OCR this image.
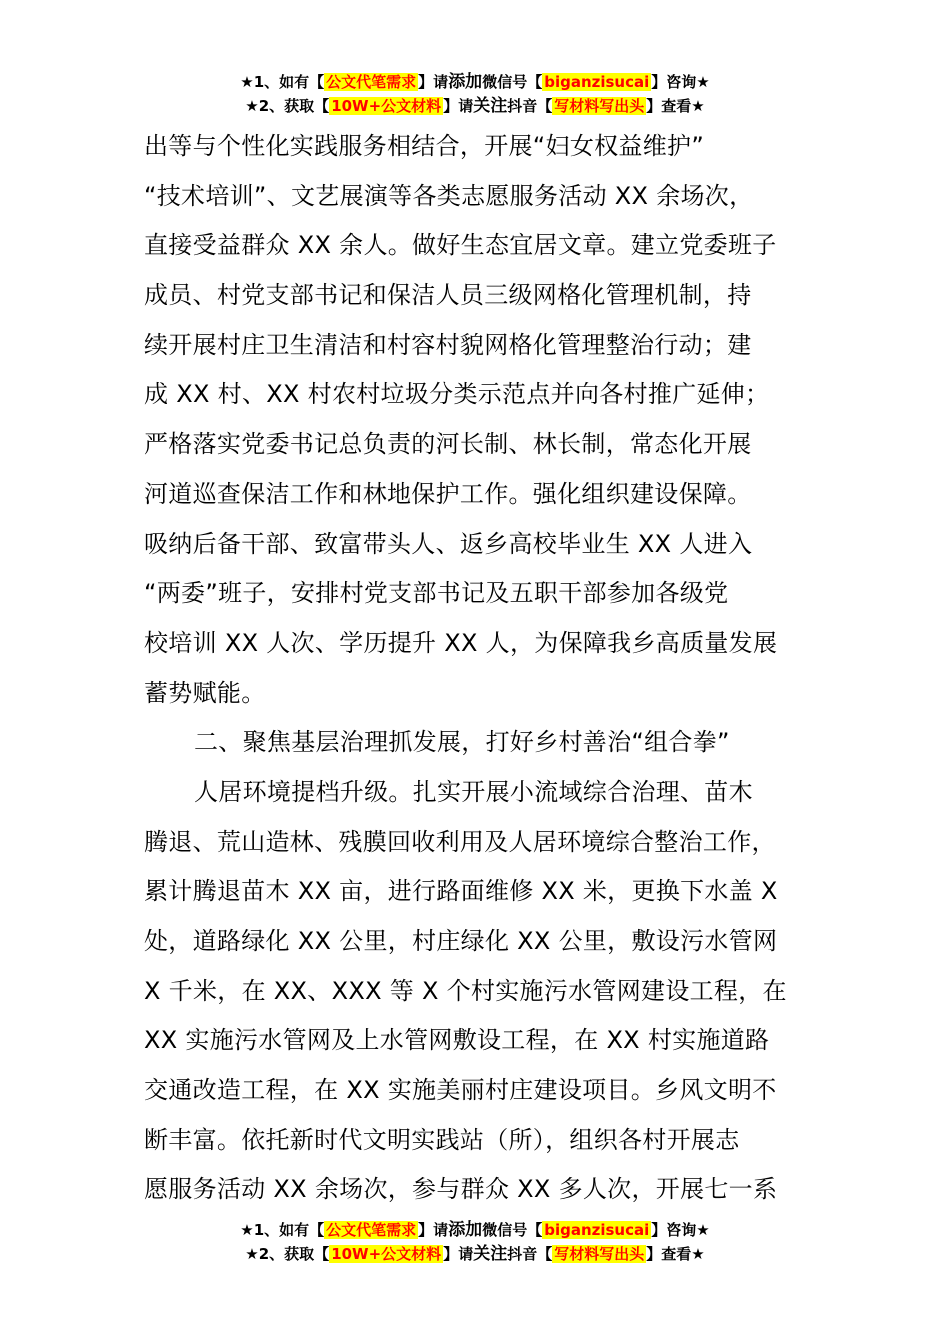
★1、如有【 公文代笔需求 】请添加微信号【 biganzisucai 】咨询★
★2、获取【 10W+公文材料 】请关注抖音【 写材料写出头 】查看★
出等与个性化实践服务相结合，开展“妇女权益维护”
“技术培训”、文艺展演等各类志愿服务活动 XX 余场次，
直接受益群众 XX 余人。做好生态宜居文章。建立党委班子
成员、村党支部书记和保洁人员三级网格化管理机制，持
续开展村庄卫生清洁和村容村貌网格化管理整治行动；建
成 XX 村、XX 村农村垃圾分类示范点并向各村推广延伸；
严格落实党委书记总负责的河长制、林长制，常态化开展
河道巡查保洁工作和林地保护工作。强化组织建设保障。
吸纳后备干部、致富带头人、返乡高校毕业生 XX 人进入
“两委”班子，安排村党支部书记及五职干部参加各级党
校培训 XX 人次、学历提升 XX 人，为保障我乡高质量发展
蓄势赋能。
二、聚焦基层治理抓发展，打好乡村善治“组合拳”
人居环境提档升级。扎实开展小流域综合治理、苗木
腾退、荒山造林、残膜回收利用及人居环境综合整治工作，
累计腾退苗木 XX 亩，进行路面维修 XX 米，更换下水盖 X
处，道路绿化 XX 公里，村庄绿化 XX 公里，敷设污水管网
X 千米，在 XX、XXX 等 X 个村实施污水管网建设工程，在
XX 实施污水管网及上水管网敷设工程，在 XX 村实施道路
交通改造工程，在 XX 实施美丽村庄建设项目。乡风文明不
断丰富。依托新时代文明实践站（所），组织各村开展志
愿服务活动 XX 余场次，参与群众 XX 多人次，开展七一系
★1、如有【 公文代笔需求 】请添加微信号【 biganzisucai 】咨询★
★2、获取【 10W+公文材料 】请关注抖音【 写材料写出头 】查看★
